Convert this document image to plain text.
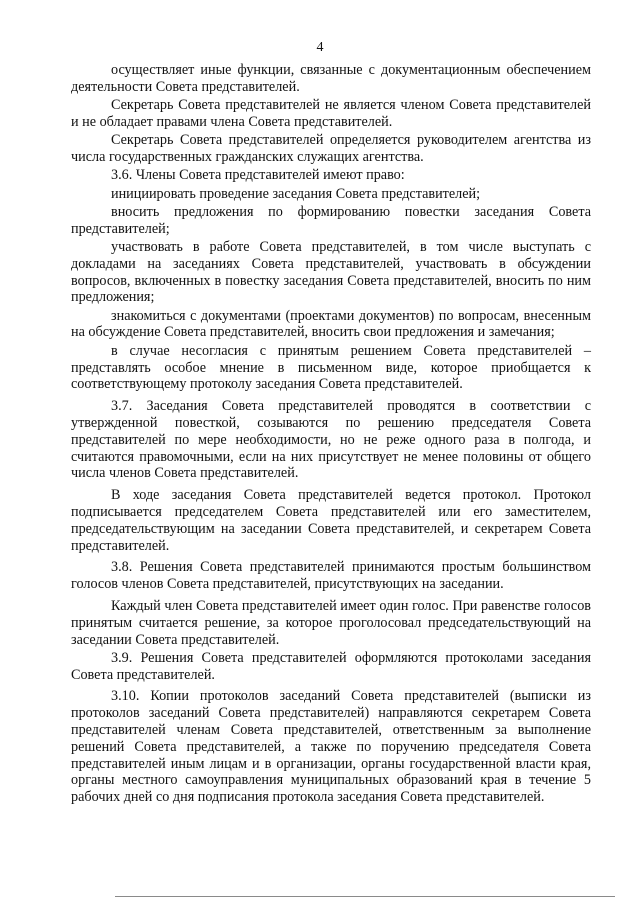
4

осуществляет иные функции, связанные с документационным обеспечением деятельности Совета представителей.

Секретарь Совета представителей не является членом Совета представителей и не обладает правами члена Совета представителей.

Секретарь Совета представителей определяется руководителем агентства из числа государственных гражданских служащих агентства.

3.6. Члены Совета представителей имеют право:

инициировать проведение заседания Совета представителей;

вносить предложения по формированию повестки заседания Совета представителей;

участвовать в работе Совета представителей, в том числе выступать с докладами на заседаниях Совета представителей, участвовать в обсуждении вопросов, включенных в повестку заседания Совета представителей, вносить по ним предложения;

знакомиться с документами (проектами документов) по вопросам, внесенным на обсуждение Совета представителей, вносить свои предложения и замечания;

в случае несогласия с принятым решением Совета представителей – представлять особое мнение в письменном виде, которое приобщается к соответствующему протоколу заседания Совета представителей.

3.7. Заседания Совета представителей проводятся в соответствии с утвержденной повесткой, созываются по решению председателя Совета представителей по мере необходимости, но не реже одного раза в полгода, и считаются правомочными, если на них присутствует не менее половины от общего числа членов Совета представителей.

В ходе заседания Совета представителей ведется протокол. Протокол подписывается председателем Совета представителей или его заместителем, председательствующим на заседании Совета представителей, и секретарем Совета представителей.

3.8. Решения Совета представителей принимаются простым большинством голосов членов Совета представителей, присутствующих на заседании.

Каждый член Совета представителей имеет один голос. При равенстве голосов принятым считается решение, за которое проголосовал председательствующий на заседании Совета представителей.

3.9. Решения Совета представителей оформляются протоколами заседания Совета представителей.

3.10. Копии протоколов заседаний Совета представителей (выписки из протоколов заседаний Совета представителей) направляются секретарем Совета представителей членам Совета представителей, ответственным за выполнение решений Совета представителей, а также по поручению председателя Совета представителей иным лицам и в организации, органы государственной власти края, органы местного самоуправления муниципальных образований края в течение 5 рабочих дней со дня подписания протокола заседания Совета представителей.
